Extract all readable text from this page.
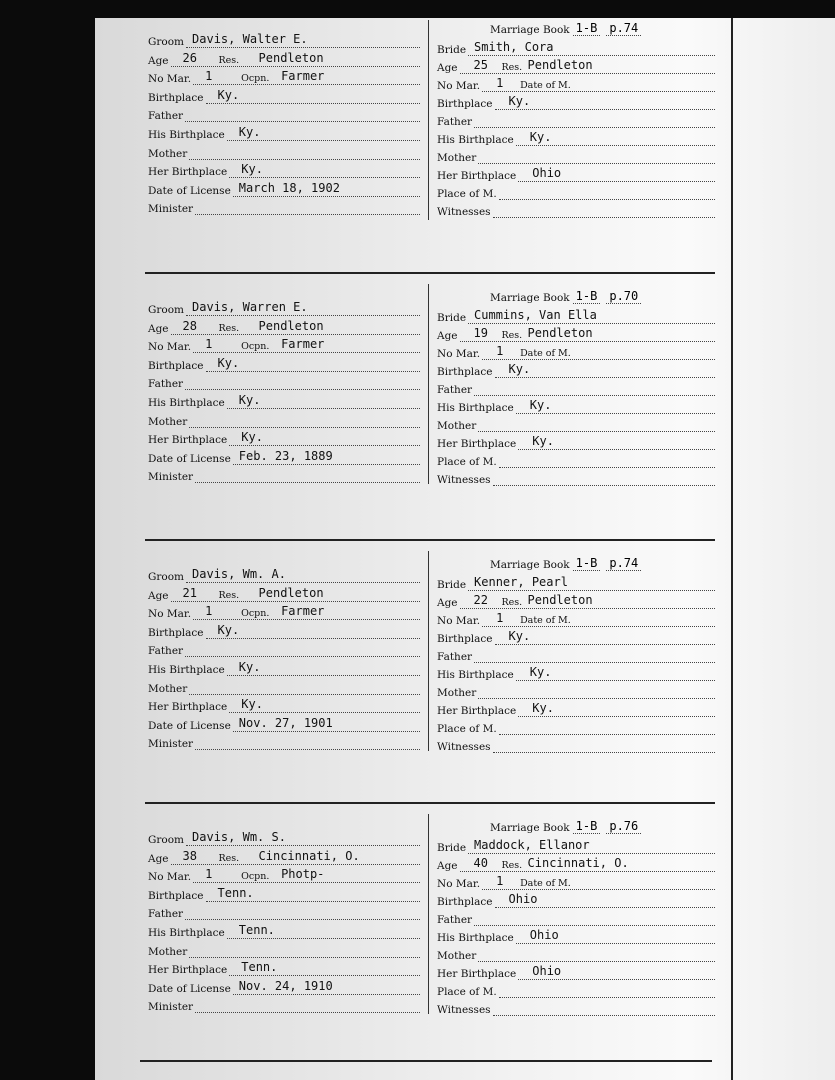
Groom Davis, Walter E.
Age 26 Res. Pendleton
No Mar. 1	Ocpn. Farmer
Birthplace Ky.
Father
His Birthplace Ky.
Mother
Her Birthplace Ky.
Date of License March 18, 1902
Minister
Marriage Book 1-B p.74
Bride Smith, Cora
Age 25 Res. Pendleton
No Mar. 1 Date of M.
Birthplace Ky.
Father
His Birthplace Ky.
Mother
Her Birthplace Ohio
Place of M.
Witnesses
Groom Davis, Warren E.
Age 28 Res. Pendleton
No Mar. 1	Ocpn. Farmer
Birthplace Ky.
Father
His Birthplace Ky.
Mother
Her Birthplace Ky.
Date of License Feb. 23, 1889
Minister
Marriage Book 1-B p.70
Bride Cummins, Van Ella
Age 19 Res. Pendleton
No Mar. 1 Date of M.
Birthplace Ky.
Father
His Birthplace Ky.
Mother
Her Birthplace Ky.
Place of M.
Witnesses
Groom Davis, Wm. A.
Age 21 Res. Pendleton
No Mar. 1	Ocpn. Farmer
Birthplace Ky.
Father
His Birthplace Ky.
Mother
Her Birthplace Ky.
Date of License Nov. 27, 1901
Minister
Marriage Book 1-B p.74
Bride Kenner, Pearl
Age 22 Res. Pendleton
No Mar. 1 Date of M.
Birthplace Ky.
Father
His Birthplace Ky.
Mother
Her Birthplace Ky.
Place of M.
Witnesses
Groom Davis, Wm. S.
Age 38 Res. Cincinnati, O.
No Mar. 1	Ocpn. Photp-
Birthplace Tenn.
Father
His Birthplace Tenn.
Mother
Her Birthplace Tenn.
Date of License Nov. 24, 1910
Minister
Marriage Book 1-B p.76
Bride Maddock, Ellanor
Age 40 Res. Cincinnati, O.
No Mar. 1 Date of M.
Birthplace Ohio
Father
His Birthplace Ohio
Mother
Her Birthplace Ohio
Place of M.
Witnesses
